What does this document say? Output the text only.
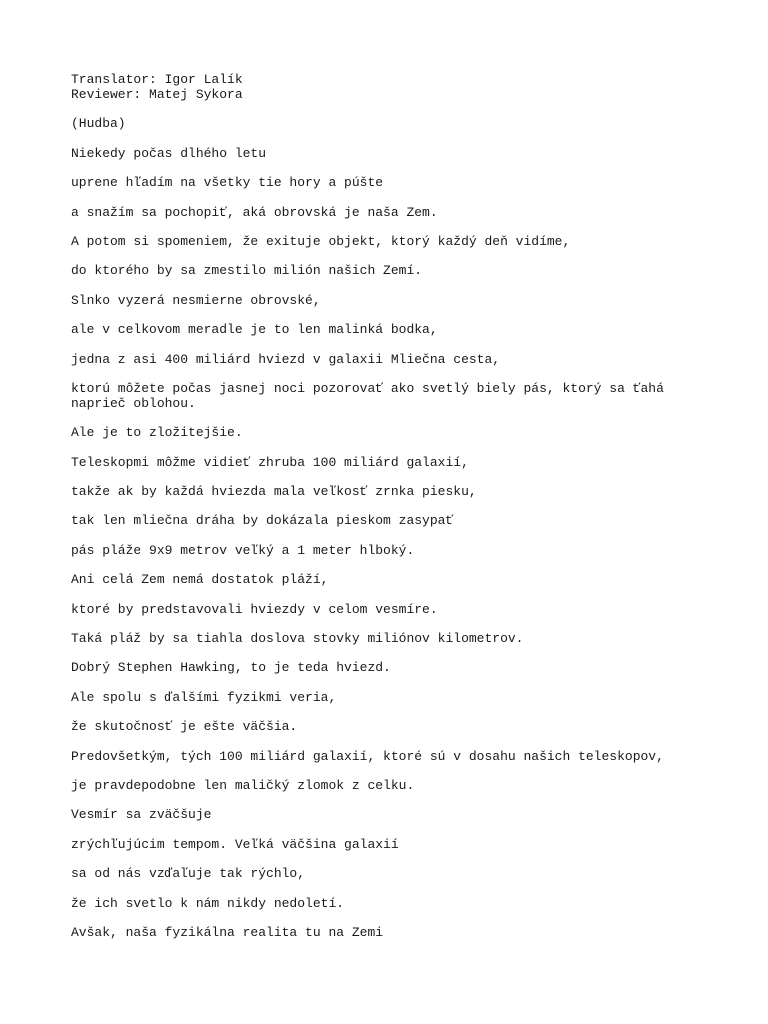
Translator: Igor Lalík
Reviewer: Matej Sykora

(Hudba)

Niekedy počas dlhého letu

uprene hľadím na všetky tie hory a púšte

a snažím sa pochopiť, aká obrovská je naša Zem.

A potom si spomeniem, že exituje objekt, ktorý každý deň vidíme,

do ktorého by sa zmestilo milión našich Zemí.

Slnko vyzerá nesmierne obrovské,

ale v celkovom meradle je to len malinká bodka,

jedna z asi 400 miliárd hviezd v galaxii Mliečna cesta,

ktorú môžete počas jasnej noci pozorovať ako svetlý biely pás, ktorý sa ťahá
naprieč oblohou.

Ale je to zložitejšie.

Teleskopmi môžme vidieť zhruba 100 miliárd galaxií,

takže ak by každá hviezda mala veľkosť zrnka piesku,

tak len mliečna dráha by dokázala pieskom zasypať

pás pláže 9x9 metrov veľký a 1 meter hlboký.

Ani celá Zem nemá dostatok pláží,

ktoré by predstavovali hviezdy v celom vesmíre.

Taká pláž by sa tiahla doslova stovky miliónov kilometrov.

Dobrý Stephen Hawking, to je teda hviezd.

Ale spolu s ďalšími fyzikmi veria,

že skutočnosť je ešte väčšia.

Predovšetkým, tých 100 miliárd galaxií, ktoré sú v dosahu našich teleskopov,

je pravdepodobne len maličký zlomok z celku.

Vesmír sa zväčšuje

zrýchľujúcim tempom. Veľká väčšina galaxií

sa od nás vzďaľuje tak rýchlo,

že ich svetlo k nám nikdy nedoletí.

Avšak, naša fyzikálna realita tu na Zemi
